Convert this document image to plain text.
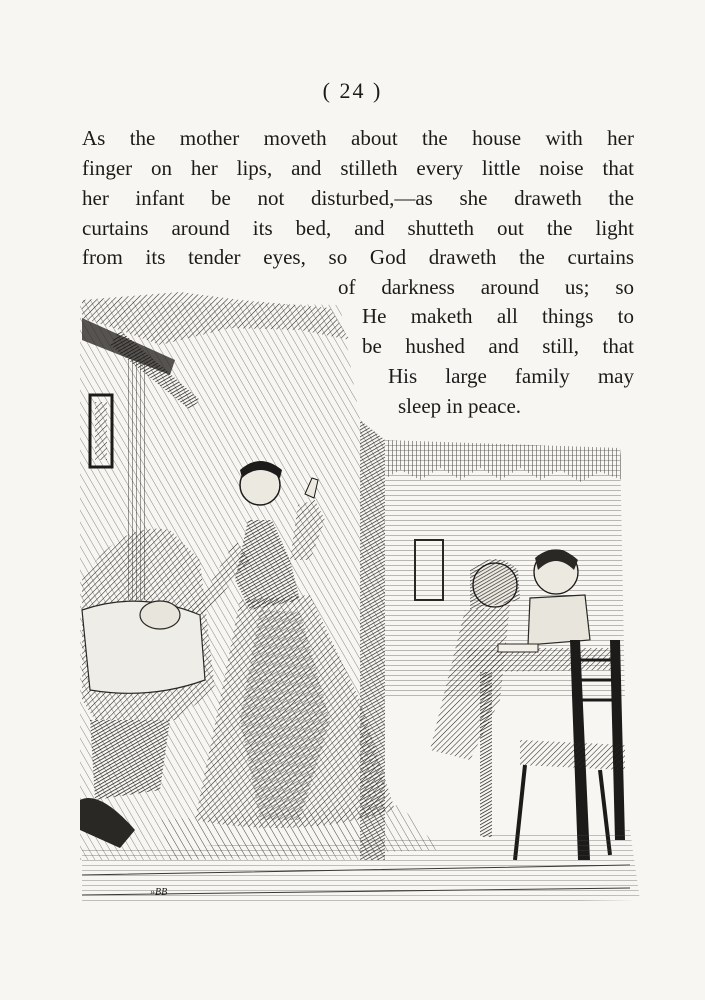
( 24 )
As the mother moveth about the house with her
finger on her lips, and stilleth every little noise that
her infant be not disturbed,—as she draweth the
curtains around its bed, and shutteth out the light
from its tender eyes, so God draweth the curtains
of darkness around us; so
He maketh all things to
be hushed and still, that
His large family may
sleep in peace.
»BB
